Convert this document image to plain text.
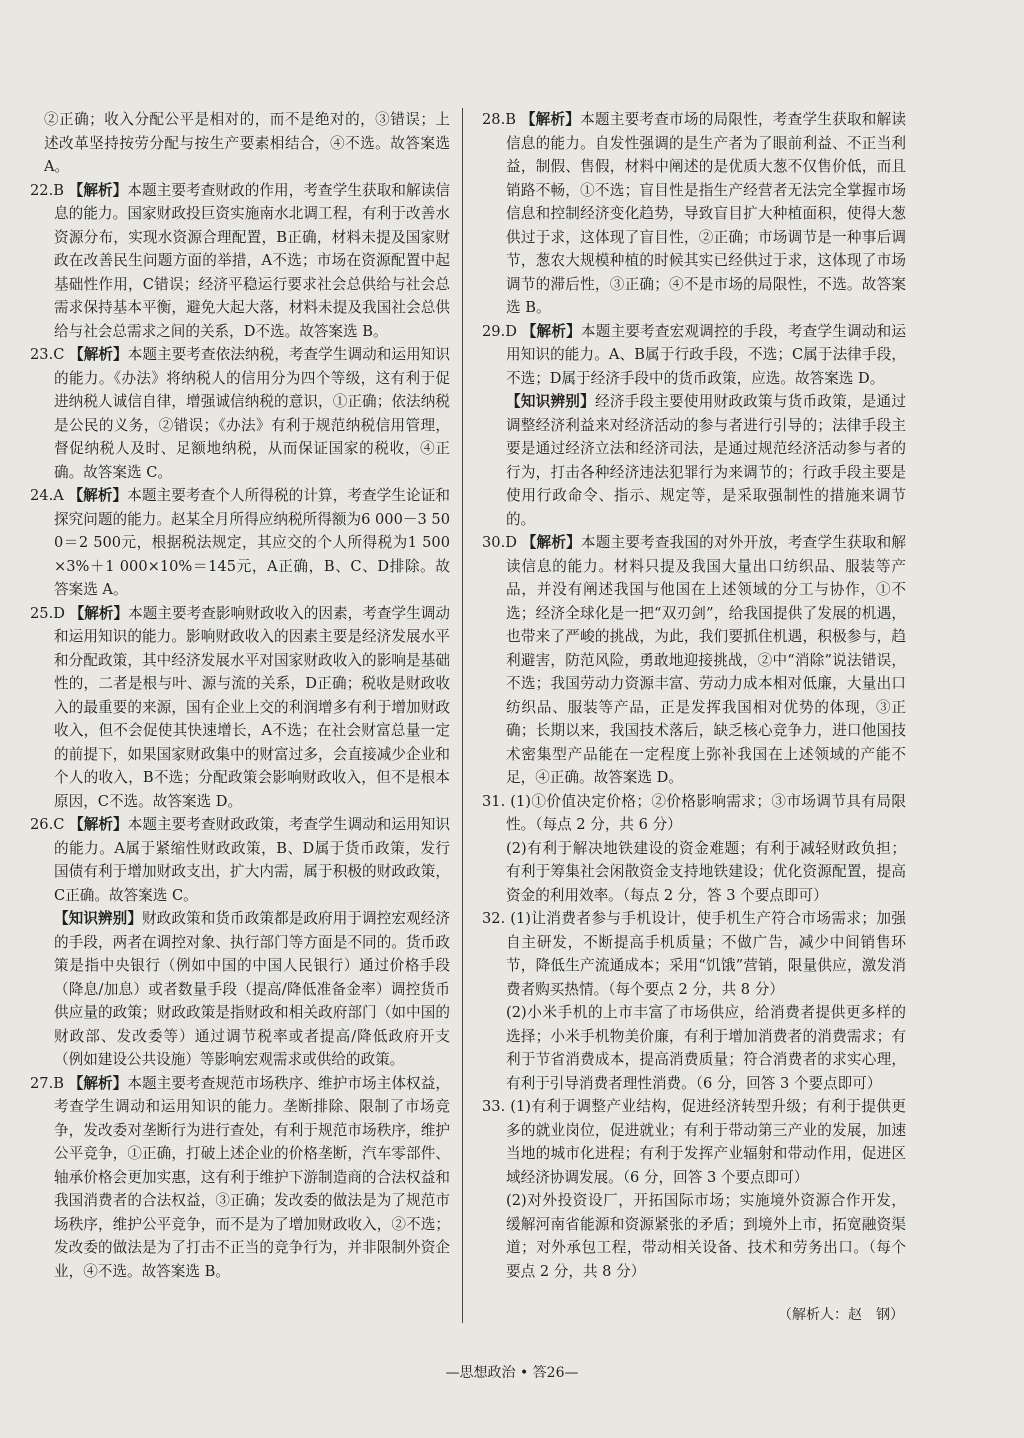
②正确；收入分配公平是相对的，而不是绝对的，③错误；上述改革坚持按劳分配与按生产要素相结合，④不选。故答案选 A。

22.B 【解析】本题主要考查财政的作用，考查学生获取和解读信息的能力。国家财政投巨资实施南水北调工程，有利于改善水资源分布，实现水资源合理配置，B正确，材料未提及国家财政在改善民生问题方面的举措，A不选；市场在资源配置中起基础性作用，C错误；经济平稳运行要求社会总供给与社会总需求保持基本平衡，避免大起大落，材料未提及我国社会总供给与社会总需求之间的关系，D不选。故答案选 B。

23.C 【解析】本题主要考查依法纳税，考查学生调动和运用知识的能力。《办法》将纳税人的信用分为四个等级，这有利于促进纳税人诚信自律，增强诚信纳税的意识，①正确；依法纳税是公民的义务，②错误；《办法》有利于规范纳税信用管理，督促纳税人及时、足额地纳税，从而保证国家的税收，④正确。故答案选 C。

24.A 【解析】本题主要考查个人所得税的计算，考查学生论证和探究问题的能力。赵某全月所得应纳税所得额为6 000－3 500＝2 500元，根据税法规定，其应交的个人所得税为1 500×3%＋1 000×10%＝145元，A正确，B、C、D排除。故答案选 A。

25.D 【解析】本题主要考查影响财政收入的因素，考查学生调动和运用知识的能力。影响财政收入的因素主要是经济发展水平和分配政策，其中经济发展水平对国家财政收入的影响是基础性的，二者是根与叶、源与流的关系，D正确；税收是财政收入的最重要的来源，国有企业上交的利润增多有利于增加财政收入，但不会促使其快速增长，A不选；在社会财富总量一定的前提下，如果国家财政集中的财富过多，会直接减少企业和个人的收入，B不选；分配政策会影响财政收入，但不是根本原因，C不选。故答案选 D。

26.C 【解析】本题主要考查财政政策，考查学生调动和运用知识的能力。A属于紧缩性财政政策，B、D属于货币政策，发行国债有利于增加财政支出，扩大内需，属于积极的财政政策，C正确。故答案选 C。

【知识辨别】财政政策和货币政策都是政府用于调控宏观经济的手段，两者在调控对象、执行部门等方面是不同的。货币政策是指中央银行（例如中国的中国人民银行）通过价格手段（降息/加息）或者数量手段（提高/降低准备金率）调控货币供应量的政策；财政政策是指财政和相关政府部门（如中国的财政部、发改委等）通过调节税率或者提高/降低政府开支（例如建设公共设施）等影响宏观需求或供给的政策。

27.B 【解析】本题主要考查规范市场秩序、维护市场主体权益，考查学生调动和运用知识的能力。垄断排除、限制了市场竞争，发改委对垄断行为进行查处，有利于规范市场秩序，维护公平竞争，①正确，打破上述企业的价格垄断，汽车零部件、轴承价格会更加实惠，这有利于维护下游制造商的合法权益和我国消费者的合法权益，③正确；发改委的做法是为了规范市场秩序，维护公平竞争，而不是为了增加财政收入，②不选；发改委的做法是为了打击不正当的竞争行为，并非限制外资企业，④不选。故答案选 B。

28.B 【解析】本题主要考查市场的局限性，考查学生获取和解读信息的能力。自发性强调的是生产者为了眼前利益、不正当利益，制假、售假，材料中阐述的是优质大葱不仅售价低，而且销路不畅，①不选；盲目性是指生产经营者无法完全掌握市场信息和控制经济变化趋势，导致盲目扩大种植面积，使得大葱供过于求，这体现了盲目性，②正确；市场调节是一种事后调节，葱农大规模种植的时候其实已经供过于求，这体现了市场调节的滞后性，③正确；④不是市场的局限性，不选。故答案选 B。

29.D 【解析】本题主要考查宏观调控的手段，考查学生调动和运用知识的能力。A、B属于行政手段，不选；C属于法律手段，不选；D属于经济手段中的货币政策，应选。故答案选 D。

【知识辨别】经济手段主要使用财政政策与货币政策，是通过调整经济利益来对经济活动的参与者进行引导的；法律手段主要是通过经济立法和经济司法，是通过规范经济活动参与者的行为，打击各种经济违法犯罪行为来调节的；行政手段主要是使用行政命令、指示、规定等，是采取强制性的措施来调节的。

30.D 【解析】本题主要考查我国的对外开放，考查学生获取和解读信息的能力。材料只提及我国大量出口纺织品、服装等产品，并没有阐述我国与他国在上述领域的分工与协作，①不选；经济全球化是一把“双刃剑”，给我国提供了发展的机遇，也带来了严峻的挑战，为此，我们要抓住机遇，积极参与，趋利避害，防范风险，勇敢地迎接挑战，②中“消除”说法错误，不选；我国劳动力资源丰富、劳动力成本相对低廉，大量出口纺织品、服装等产品，正是发挥我国相对优势的体现，③正确；长期以来，我国技术落后，缺乏核心竞争力，进口他国技术密集型产品能在一定程度上弥补我国在上述领域的产能不足，④正确。故答案选 D。

31. (1)①价值决定价格；②价格影响需求；③市场调节具有局限性。（每点 2 分，共 6 分）

(2)有利于解决地铁建设的资金难题；有利于减轻财政负担；有利于筹集社会闲散资金支持地铁建设；优化资源配置，提高资金的利用效率。（每点 2 分，答 3 个要点即可）

32. (1)让消费者参与手机设计，使手机生产符合市场需求；加强自主研发，不断提高手机质量；不做广告，减少中间销售环节，降低生产流通成本；采用“饥饿”营销，限量供应，激发消费者购买热情。（每个要点 2 分，共 8 分）

(2)小米手机的上市丰富了市场供应，给消费者提供更多样的选择；小米手机物美价廉，有利于增加消费者的消费需求；有利于节省消费成本，提高消费质量；符合消费者的求实心理，有利于引导消费者理性消费。（6 分，回答 3 个要点即可）

33. (1)有利于调整产业结构，促进经济转型升级；有利于提供更多的就业岗位，促进就业；有利于带动第三产业的发展，加速当地的城市化进程；有利于发挥产业辐射和带动作用，促进区域经济协调发展。（6 分，回答 3 个要点即可）

(2)对外投资设厂，开拓国际市场；实施境外资源合作开发，缓解河南省能源和资源紧张的矛盾；到境外上市，拓宽融资渠道；对外承包工程，带动相关设备、技术和劳务出口。（每个要点 2 分，共 8 分）

（解析人：赵　钢）
—思想政治 • 答26—
